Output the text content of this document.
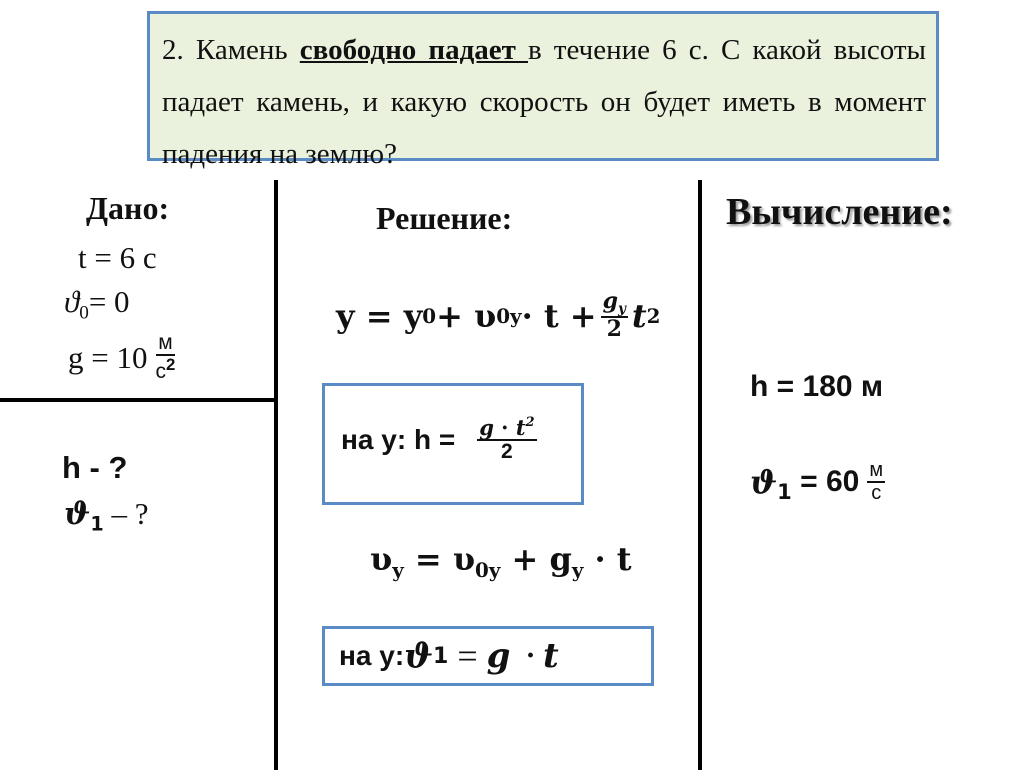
2. Камень свободно падает в течение 6 с. С какой высоты падает камень, и какую скорость он будет иметь в момент падения на землю?
Дано:	Решение:	Вычисление:
t = 6 с
$ϑ_0= 0$
$g = 10 \frac{м}{с^2}$
h - ?
$ϑ_1$ – ?
y = y 0 + υ $0y \cdot t + \frac{g_y}{2}$ t 2
на y: $h = \frac{g \cdot t^2}{2}$
$\upsilon_y = \upsilon_{0y} + g_y \cdot t$
на y: ϑ 1 = g · t
h = 180 м
ϑ $1 = 60 \frac{м}{с}$
